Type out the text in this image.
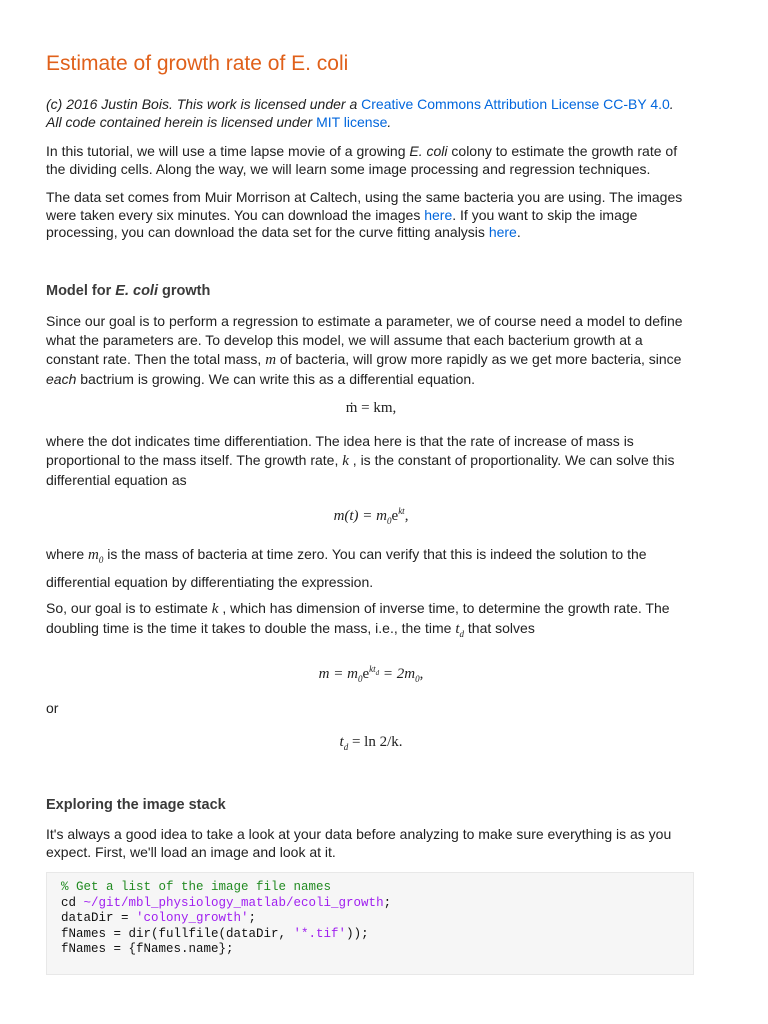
Estimate of growth rate of E. coli

(c) 2016 Justin Bois. This work is licensed under a Creative Commons Attribution License CC-BY 4.0.
All code contained herein is licensed under MIT license.

In this tutorial, we will use a time lapse movie of a growing E. coli colony to estimate the growth rate of the dividing cells. Along the way, we will learn some image processing and regression techniques.

The data set comes from Muir Morrison at Caltech, using the same bacteria you are using. The images were taken every six minutes. You can download the images here. If you want to skip the image processing, you can download the data set for the curve fitting analysis here.

Model for E. coli growth

Since our goal is to perform a regression to estimate a parameter, we of course need a model to define what the parameters are. To develop this model, we will assume that each bacterium growth at a constant rate. Then the total mass, m of bacteria, will grow more rapidly as we get more bacteria, since each bactrium is growing. We can write this as a differential equation.

ṁ = km,

where the dot indicates time differentiation. The idea here is that the rate of increase of mass is proportional to the mass itself. The growth rate, k , is the constant of proportionality. We can solve this differential equation as

$m(t) = m_0e^{kt}$,

where $m_0$ is the mass of bacteria at time zero. You can verify that this is indeed the solution to the differential equation by differentiating the expression.

So, our goal is to estimate k , which has dimension of inverse time, to determine the growth rate. The doubling time is the time it takes to double the mass, i.e., the time $t_d$ that solves

$m = m_0e^{kt_d} = 2m_0$,

or

$t_d = \ln 2/k$.
Exploring the image stack

It's always a good idea to take a look at your data before analyzing to make sure everything is as you expect. First, we'll load an image and look at it.

% Get a list of the image file names
cd ~/git/mbl_physiology_matlab/ecoli_growth;
dataDir = 'colony_growth';
fNames = dir(fullfile(dataDir, '*.tif'));
fNames = {fNames.name};
